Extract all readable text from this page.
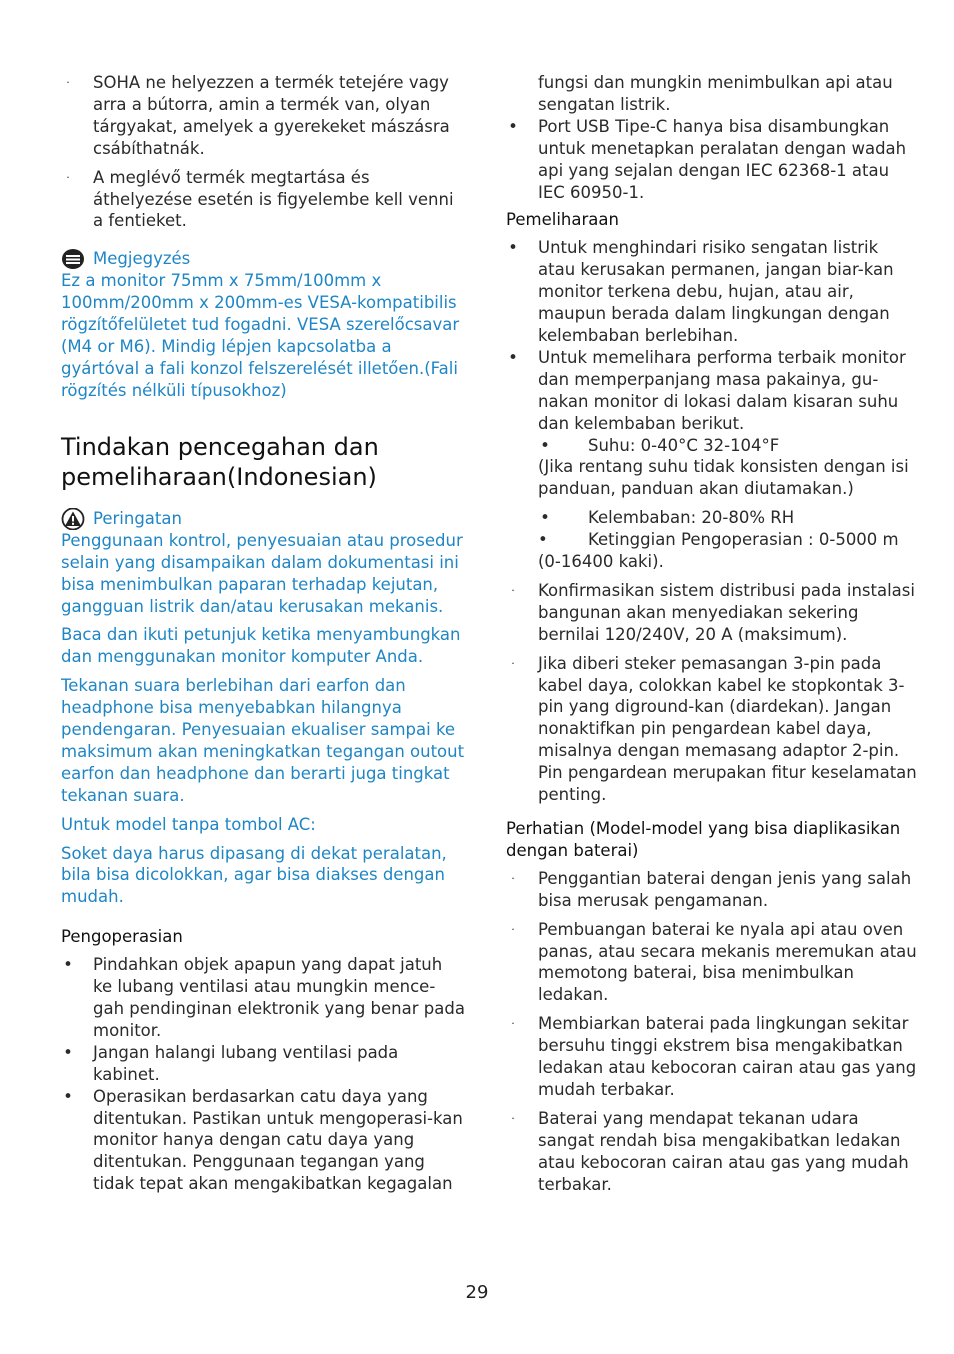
·	SOHA ne helyezzen a termék tetejére vagy arra a bútorra, amin a termék van, olyan tárgyakat, amelyek a gyerekeket mászásra csábíthatnák.
·	A meglévő termék megtartása és áthelyezése esetén is figyelembe kell venni a fentieket.
Megjegyzés

Ez a monitor 75mm x 75mm/100mm x 100mm/200mm x 200mm-es VESA-kompatibilis rögzítőfelületet tud fogadni. VESA szerelőcsavar (M4 or M6). Mindig lépjen kapcsolatba a gyártóval a fali konzol felszerelését illetően.(Fali rögzítés nélküli típusokhoz)

Tindakan pencegahan dan pemeliharaan(Indonesian)
Peringatan

Penggunaan kontrol, penyesuaian atau prosedur selain yang disampaikan dalam dokumentasi ini bisa menimbulkan paparan terhadap kejutan, gangguan listrik dan/atau kerusakan mekanis.

Baca dan ikuti petunjuk ketika menyambungkan dan menggunakan monitor komputer Anda.

Tekanan suara berlebihan dari earfon dan headphone bisa menyebabkan hilangnya pendengaran. Penyesuaian ekualiser sampai ke maksimum akan meningkatkan tegangan outout earfon dan headphone dan berarti juga tingkat tekanan suara.

Untuk model tanpa tombol AC:

Soket daya harus dipasang di dekat peralatan, bila bisa dicolokkan, agar bisa diakses dengan mudah.

Pengoperasian

• Pindahkan objek apapun yang dapat jatuh ke lubang ventilasi atau mungkin mence-gah pendinginan elektronik yang benar pada monitor.
• Jangan halangi lubang ventilasi pada kabinet.
• Operasikan berdasarkan catu daya yang ditentukan. Pastikan untuk mengoperasi-kan monitor hanya dengan catu daya yang ditentukan. Penggunaan tegangan yang tidak tepat akan mengakibatkan kegagalan

fungsi dan mungkin menimbulkan api atau sengatan listrik.

• Port USB Tipe-C hanya bisa disambungkan untuk menetapkan peralatan dengan wadah api yang sejalan dengan IEC 62368-1 atau IEC 60950-1.

Pemeliharaan

• Untuk menghindari risiko sengatan listrik atau kerusakan permanen, jangan biar-kan monitor terkena debu, hujan, atau air, maupun berada dalam lingkungan dengan kelembaban berlebihan.
• Untuk memelihara performa terbaik monitor dan memperpanjang masa pakainya, gu-nakan monitor di lokasi dalam kisaran suhu dan kelembaban berikut.
• Suhu: 0-40°C 32-104°F

(Jika rentang suhu tidak konsisten dengan isi panduan, panduan akan diutamakan.)

• Kelembaban: 20-80% RH

• Ketinggian Pengoperasian : 0-5000 m (0-16400 kaki).

·	Konfirmasikan sistem distribusi pada instalasi bangunan akan menyediakan sekering bernilai 120/240V, 20 A (maksimum).
·	Jika diberi steker pemasangan 3-pin pada kabel daya, colokkan kabel ke stopkontak 3-pin yang diground-kan (diardekan). Jangan nonaktifkan pin pengardean kabel daya, misalnya dengan memasang adaptor 2-pin. Pin pengardean merupakan fitur keselamatan penting.

Perhatian (Model-model yang bisa diaplikasikan dengan baterai)

·	Penggantian baterai dengan jenis yang salah bisa merusak pengamanan.
·	Pembuangan baterai ke nyala api atau oven panas, atau secara mekanis meremukan atau memotong baterai, bisa menimbulkan ledakan.
·	Membiarkan baterai pada lingkungan sekitar bersuhu tinggi ekstrem bisa mengakibatkan ledakan atau kebocoran cairan atau gas yang mudah terbakar.
·	Baterai yang mendapat tekanan udara sangat rendah bisa mengakibatkan ledakan atau kebocoran cairan atau gas yang mudah terbakar.
29
